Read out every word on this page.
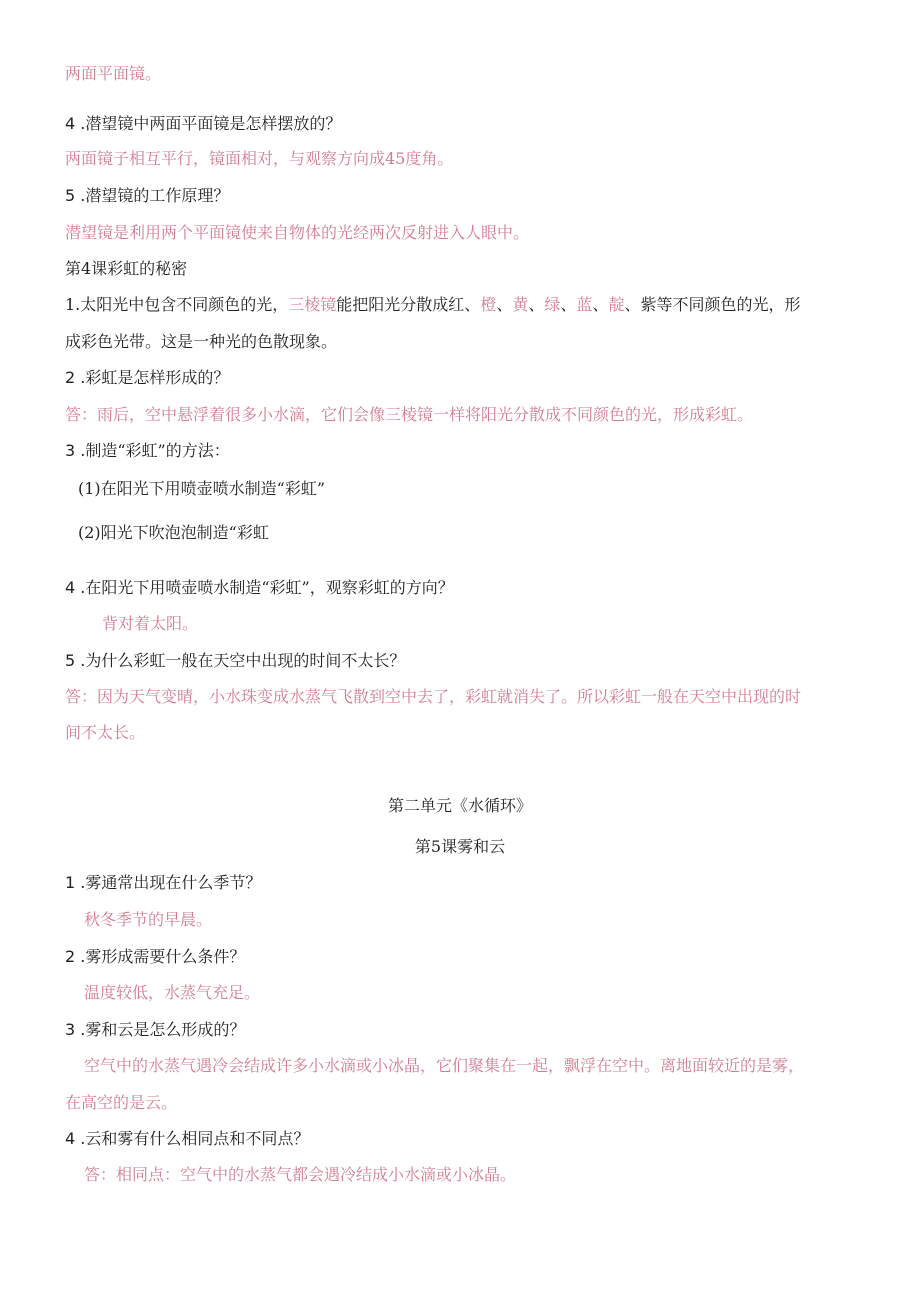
两面平面镜。
4 .潜望镜中两面平面镜是怎样摆放的？
两面镜子相互平行，镜面相对，与观察方向成45度角。
5 .潜望镜的工作原理？
潜望镜是利用两个平面镜使来自物体的光经两次反射进入人眼中。
第4课彩虹的秘密
1.太阳光中包含不同颜色的光，三棱镜能把阳光分散成红、橙、黄、绿、蓝、靛、紫等不同颜色的光，形
成彩色光带。这是一种光的色散现象。
2 .彩虹是怎样形成的？
答：雨后，空中悬浮着很多小水滴，它们会像三棱镜一样将阳光分散成不同颜色的光，形成彩虹。
3 .制造“彩虹”的方法：
(1)在阳光下用喷壶喷水制造“彩虹”
(2)阳光下吹泡泡制造“彩虹
4 .在阳光下用喷壶喷水制造“彩虹”，观察彩虹的方向？
背对着太阳。
5 .为什么彩虹一般在天空中出现的时间不太长？
答：因为天气变晴，小水珠变成水蒸气飞散到空中去了，彩虹就消失了。所以彩虹一般在天空中出现的时
间不太长。
第二单元《水循环》
第5课雾和云
1 .雾通常出现在什么季节？
秋冬季节的早晨。
2 .雾形成需要什么条件？
温度较低，水蒸气充足。
3 .雾和云是怎么形成的？
空气中的水蒸气遇冷会结成许多小水滴或小冰晶，它们聚集在一起，飘浮在空中。离地面较近的是雾，
在高空的是云。
4 .云和雾有什么相同点和不同点？
答：相同点：空气中的水蒸气都会遇冷结成小水滴或小冰晶。
